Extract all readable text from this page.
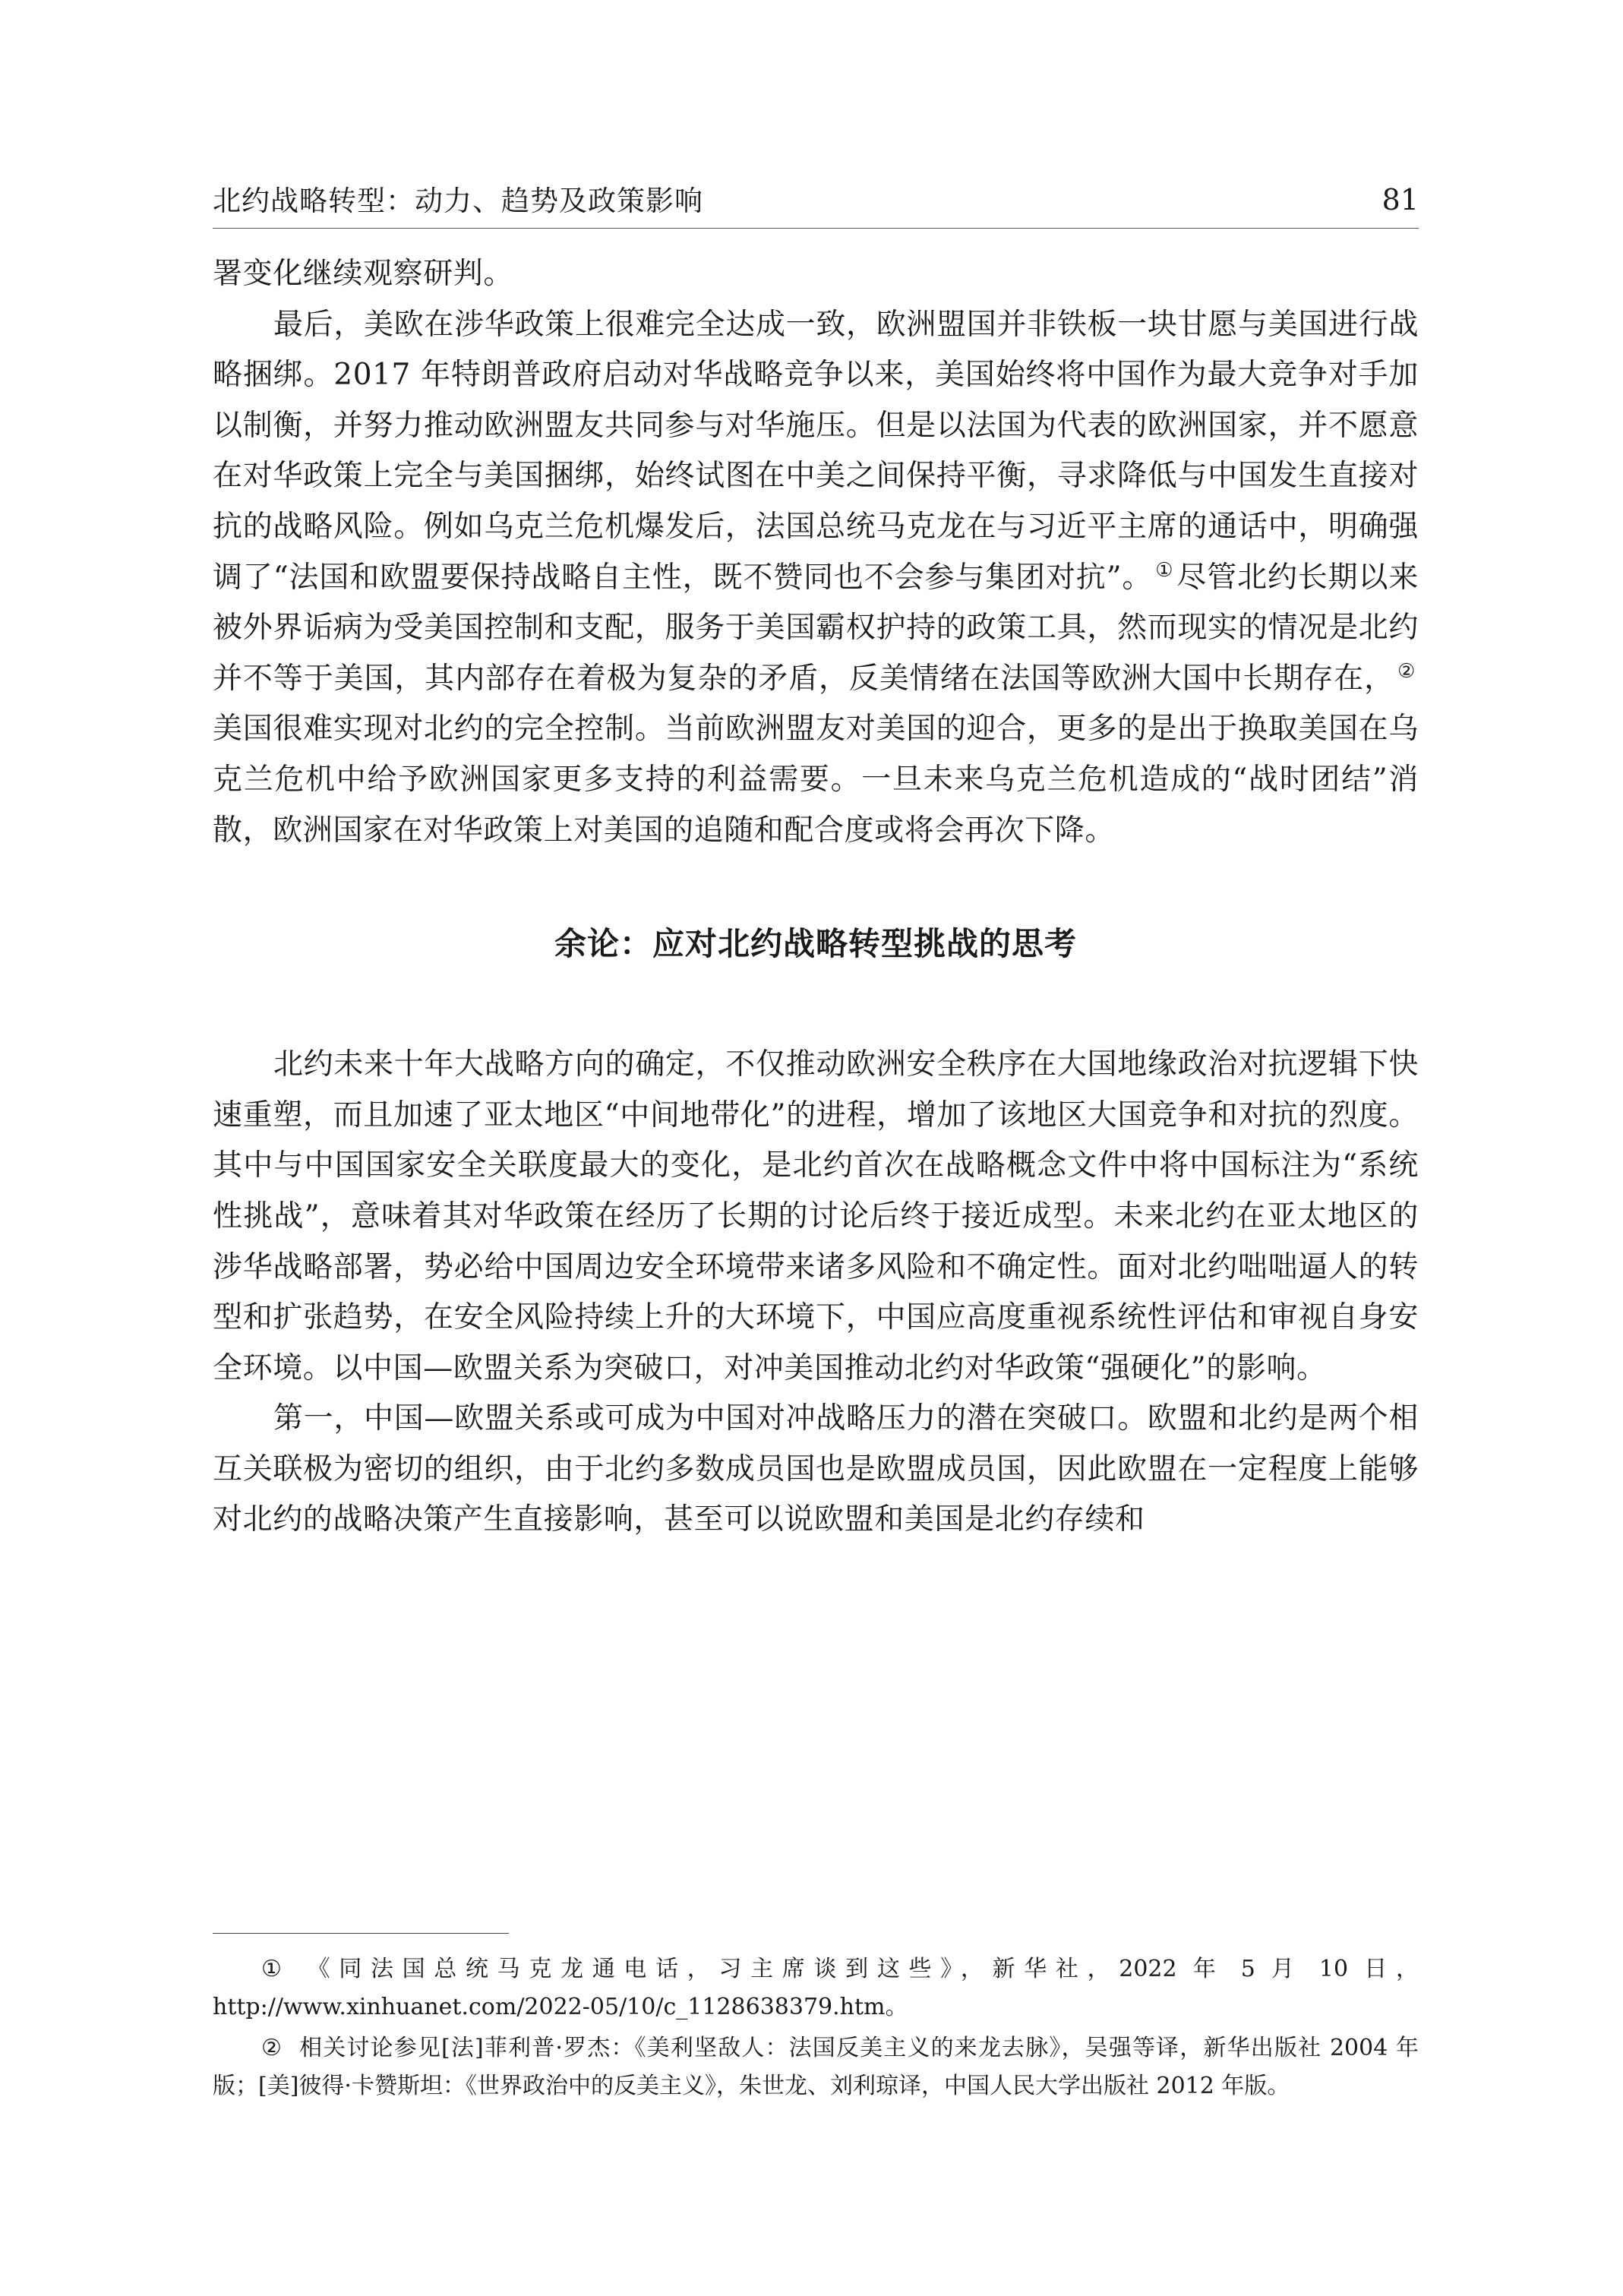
北约战略转型：动力、趋势及政策影响	81

署变化继续观察研判。

最后，美欧在涉华政策上很难完全达成一致，欧洲盟国并非铁板一块甘愿与美国进行战略捆绑。2017 年特朗普政府启动对华战略竞争以来，美国始终将中国作为最大竞争对手加以制衡，并努力推动欧洲盟友共同参与对华施压。但是以法国为代表的欧洲国家，并不愿意在对华政策上完全与美国捆绑，始终试图在中美之间保持平衡，寻求降低与中国发生直接对抗的战略风险。例如乌克兰危机爆发后，法国总统马克龙在与习近平主席的通话中，明确强调了“法国和欧盟要保持战略自主性，既不赞同也不会参与集团对抗”。 ① 尽管北约长期以来被外界诟病为受美国控制和支配，服务于美国霸权护持的政策工具，然而现实的情况是北约并不等于美国，其内部存在着极为复杂的矛盾，反美情绪在法国等欧洲大国中长期存在， ②美国很难实现对北约的完全控制。当前欧洲盟友对美国的迎合，更多的是出于换取美国在乌克兰危机中给予欧洲国家更多支持的利益需要。一旦未来乌克兰危机造成的“战时团结”消散，欧洲国家在对华政策上对美国的追随和配合度或将会再次下降。

余论：应对北约战略转型挑战的思考

北约未来十年大战略方向的确定，不仅推动欧洲安全秩序在大国地缘政治对抗逻辑下快速重塑，而且加速了亚太地区“中间地带化”的进程，增加了该地区大国竞争和对抗的烈度。其中与中国国家安全关联度最大的变化，是北约首次在战略概念文件中将中国标注为“系统性挑战”，意味着其对华政策在经历了长期的讨论后终于接近成型。未来北约在亚太地区的涉华战略部署，势必给中国周边安全环境带来诸多风险和不确定性。面对北约咄咄逼人的转型和扩张趋势，在安全风险持续上升的大环境下，中国应高度重视系统性评估和审视自身安全环境。以中国—欧盟关系为突破口，对冲美国推动北约对华政策“强硬化”的影响。

第一，中国—欧盟关系或可成为中国对冲战略压力的潜在突破口。欧盟和北约是两个相互关联极为密切的组织，由于北约多数成员国也是欧盟成员国，因此欧盟在一定程度上能够对北约的战略决策产生直接影响，甚至可以说欧盟和美国是北约存续和

① 《同法国总统马克龙通电话，习主席谈到这些》，新华社，2022 年 5 月 10 日，http://www.xinhuanet.com/2022-05/10/c_1128638379.htm。

② 相关讨论参见[法]菲利普·罗杰：《美利坚敌人：法国反美主义的来龙去脉》，吴强等译，新华出版社 2004 年版；[美]彼得·卡赞斯坦：《世界政治中的反美主义》，朱世龙、刘利琼译，中国人民大学出版社 2012 年版。
